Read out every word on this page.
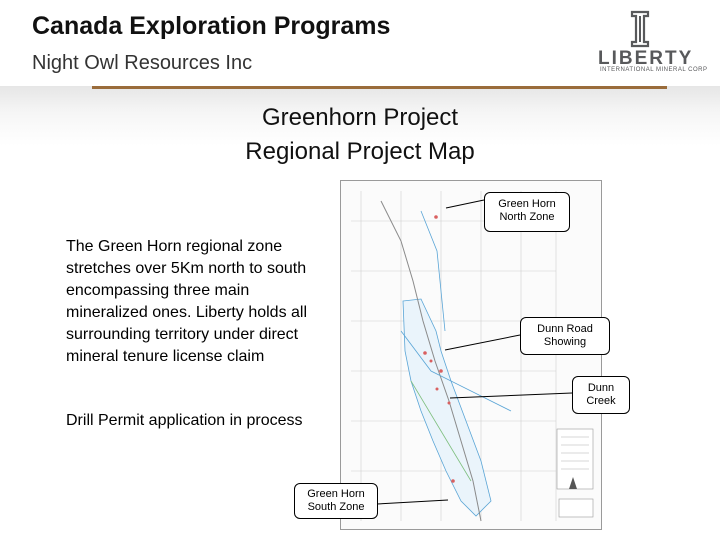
Canada Exploration Programs
Night Owl Resources Inc	LIBERTY
INTERNATIONAL MINERAL CORP
Greenhorn Project
Regional Project Map
The Green Horn regional zone stretches over 5Km north to south encompassing three main mineralized ones. Liberty holds all surrounding territory under direct mineral tenure license claim
Drill Permit application in process
Green Horn North Zone
Dunn Road Showing
Dunn Creek
Green Horn South Zone
